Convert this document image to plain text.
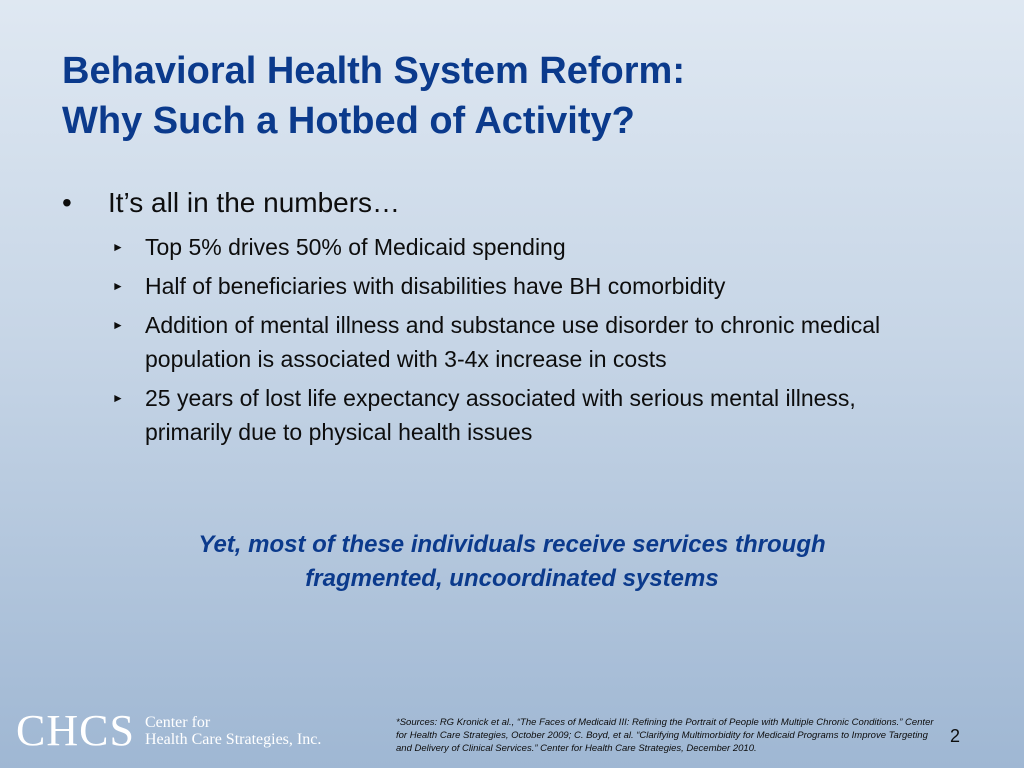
Behavioral Health System Reform:
Why Such a Hotbed of Activity?
•	It’s all in the numbers…
► Top 5% drives 50% of Medicaid spending
► Half of beneficiaries with disabilities have BH comorbidity
► Addition of mental illness and substance use disorder to chronic medical population is associated with 3-4x increase in costs
► 25 years of lost life expectancy associated with serious mental illness, primarily due to physical health issues
Yet, most of these individuals receive services through
fragmented, uncoordinated systems
CHCS Center for
Health Care Strategies, Inc.
*Sources: RG Kronick et al., “The Faces of Medicaid III: Refining the Portrait of People with Multiple Chronic Conditions.” Center for Health Care Strategies, October 2009; C. Boyd, et al. “Clarifying Multimorbidity for Medicaid Programs to Improve Targeting and Delivery of Clinical Services.” Center for Health Care Strategies, December 2010.
2
